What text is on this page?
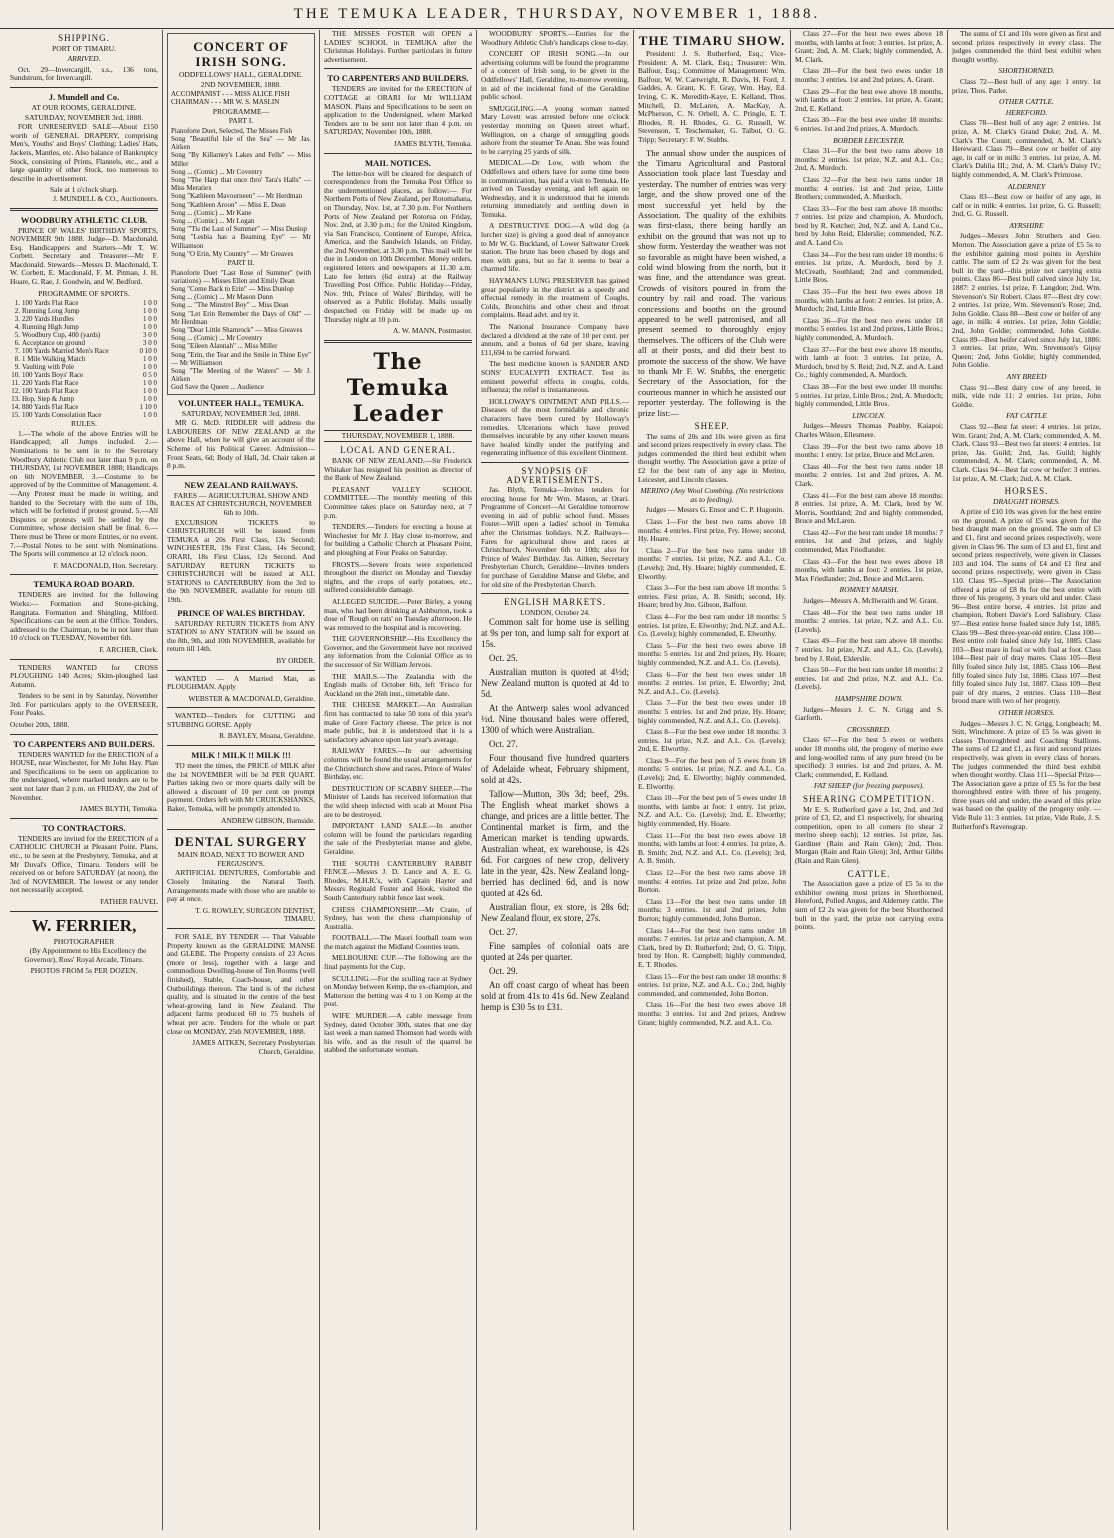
THE TEMUKA LEADER, THURSDAY, NOVEMBER 1, 1888.
SHIPPING.
PORT OF TIMARU.
ARRIVED.
Oct. 29—Invercargill, s.s., 136 tons, Sundstrum, for Invercargill.
J. Mundell and Co.
AT OUR ROOMS, GERALDINE.
SATURDAY, NOVEMBER 3rd, 1888.
FOR UNRESERVED SALE—About £150 worth of GENERAL DRAPERY, comprising Men's, Youths' and Boys' Clothing; Ladies' Hats, Jackets, Mantles, etc. Also balance of Bankruptcy Stock, consisting of Prints, Flannels, etc., and a large quantity of other Stock, too numerous to describe in advertisement.
Sale at 1 o'clock sharp.
J. MUNDELL & CO., Auctioneers.
WOODBURY ATHLETIC CLUB.
PRINCE OF WALES' BIRTHDAY SPORTS, NOVEMBER 9th 1888. Judge—D. Macdonald, Esq. Handicappers and Starters—Mr T. W. Corbett. Secretary and Treasurer—Mr F. Macdonald. Stewards—Messrs D. Macdonald, T. W. Corbett, E. Macdonald, F. M. Pitman, J. H. Hoare, G. Rae, J. Goodwin, and W. Bedford.
PROGRAMME OF SPORTS.
1.	100 Yards Flat Race	1 0 0
2.	Running Long Jump	1 0 0
3.	220 Yards Hurdles	1 0 0
4.	Running High Jump	1 0 0
5.	Woodbury Cup, 400 (yards)	3 0 0
6.	Acceptance on ground	3 0 0
7.	100 Yards Married Men's Race	0 10 0
8.	1 Mile Walking Match	1 0 0
9.	Vaulting with Pole	1 0 0
10.	100 Yards Boys' Race	0 5 0
11.	220 Yards Flat Race	1 0 0
12.	100 Yards Flat Race	1 0 0
13.	Hop, Step & Jump	1 0 0
14.	880 Yards Flat Race	1 10 0
15.	100 Yards Consolation Race	1 0 0
RULES.
1.—The whole of the above Entries will be Handicapped; all Jumps included. 2.—Nominations to be sent in to the Secretary Woodbury Athletic Club not later than 9 p.m. on THURSDAY, 1st NOVEMBER 1888; Handicaps on 6th NOVEMBER. 3.—Costume to be approved of by the Committee of Management. 4.—Any Protest must be made in writing, and handed to the Secretary with the sum of 10s, which will be forfeited if protest ground. 5.—All Disputes or protests will be settled by the Committee, whose decision shall be final. 6.—There must be Three or more Entries, or no event. 7.—Postal Notes to be sent with Nominations. The Sports will commence at 12 o'clock noon.
F. MACDONALD, Hon. Secretary.
TEMUKA ROAD BOARD.
TENDERS are invited for the following Works:— Formation and Stone-picking, Rangitata. Formation and Shingling, Milford. Specifications can be seen at the Office. Tenders, addressed to the Chairman, to be in not later than 10 o'clock on TUESDAY, November 6th.
F. ARCHER, Clerk.
TENDERS WANTED for CROSS PLOUGHING 140 Acres; Skim-ploughed last Autumn.
Tenders to be sent in by Saturday, November 3rd. For particulars apply to the OVERSEER, Four Peaks.
October 20th, 1888.
TO CARPENTERS AND BUILDERS.
TENDERS WANTED for the ERECTION of a HOUSE, near Winchester, for Mr John Hay. Plan and Specifications to be seen on application to the undersigned, where marked tenders are to be sent not later than 2 p.m. on FRIDAY, the 2nd of November.
JAMES BLYTH, Temuka.
TO CONTRACTORS.
TENDERS are invited for the ERECTION of a CATHOLIC CHURCH at Pleasant Point. Plans, etc., to be seen at the Presbytery, Temuka, and at Mr Duval's Office, Timaru. Tenders will be received on or before SATURDAY (at noon), the 3rd of NOVEMBER. The lowest or any tender not necessarily accepted.
FATHER FAUVEL
W. FERRIER,
PHOTOGRAPHER
(By Appointment to His Excellency the Governor), Ross' Royal Arcade, Timaru.
PHOTOS FROM 5s PER DOZEN.
CONCERT OF IRISH SONG.
ODDFELLOWS' HALL, GERALDINE.
2ND NOVEMBER, 1888.
ACCOMPANIST - - - MISS ALICE FISH
CHAIRMAN - - - MR W. S. MASLIN
PROGRAMME—
PART I.
Pianoforte Duet, Selected, The Misses Fish
Song "Beautiful Isle of the Sea" — Mr Jas. Aitken
Song "By Killarney's Lakes and Fells" — Miss Miller
Song ... (Comic) ... Mr Coventry
Song "The Harp that once thro' Tara's Halls" — Miss Meratiex
Song "Kathleen Mavourneen" — Mr Herdman
Song "Kathleen Aroon" — Miss E. Dean
Song ... (Comic) ... Mr Kane
Song ... (Comic) ... Mr Logan
Song "'Tis the Last of Summer" — Miss Dunlop
Song "Lesbia has a Beaming Eye" — Mr Williamson
Song "O Erin, My Country" — Mr Greaves
PART II.
Pianoforte Duet "Last Rose of Summer" (with variations) — Misses Ellen and Emily Dean
Song "Come Back to Erin" — Miss Dunlop
Song ... (Comic) ... Mr Mason Dunn
Song ... "The Minstrel Boy" ... Miss Dean
Song "Let Erin Remember the Days of Old" — Mr Herdman
Song "Dear Little Shamrock" — Miss Greaves
Song ... (Comic) ... Mr Coventry
Song "Eileen Alannah" ... Miss Miller
Song "Erin, the Tear and the Smile in Thine Eye" — Mr Williamson
Song "The Meeting of the Waters" — Mr J. Aitken
God Save the Queen ... Audience
VOLUNTEER HALL, TEMUKA.
SATURDAY, NOVEMBER 3rd, 1888.
MR G. McD. RIDDLER will address the LABOURERS OF NEW ZEALAND at the above Hall, when he will give an account of the Scheme of his Political Career. Admission—Front Seats, 6d; Body of Hall, 3d. Chair taken at 8 p.m.
NEW ZEALAND RAILWAYS.
FARES — AGRICULTURAL SHOW AND RACES AT CHRISTCHURCH, NOVEMBER 6th to 10th.
EXCURSION TICKETS to CHRISTCHURCH will be issued from TEMUKA at 20s First Class, 13s Second; WINCHESTER, 19s First Class, 14s Second; ORARI, 18s First Class, 12s Second. And SATURDAY RETURN TICKETS to CHRISTCHURCH will be issued at ALL STATIONS to CANTERBURY from the 3rd to the 9th NOVEMBER, available for return till 19th.
PRINCE OF WALES BIRTHDAY.
SATURDAY RETURN TICKETS from ANY STATION to ANY STATION will be issued on the 8th, 9th, and 10th NOVEMBER, available for return till 14th.
BY ORDER.
WANTED — A Married Man, as PLOUGHMAN. Apply
WEBSTER & MACDONALD, Geraldine.
WANTED—Tenders for CUTTING and STUBBING GORSE. Apply
R. BAYLEY, Moana, Geraldine.
MILK ! MILK !! MILK !!!
TO meet the times, the PRICE of MILK after the 1st NOVEMBER will be 3d PER QUART. Parties taking two or more quarts daily will be allowed a discount of 10 per cent on prompt payment. Orders left with Mr CRUICKSHANKS, Baker, Temuka, will be promptly attended to.
ANDREW GIBSON, Burnside.
DENTAL SURGERY
MAIN ROAD, NEXT TO BOWER AND FERGUSON'S.
ARTIFICIAL DENTURES, Comfortable and Closely Imitating the Natural Teeth. Arrangements made with those who are unable to pay at once.
T. G. ROWLEY, SURGEON DENTIST, TIMARU.
FOR SALE, BY TENDER — That Valuable Property known as the GERALDINE MANSE and GLEBE. The Property consists of 23 Acres (more or less), together with a large and commodious Dwelling-house of Ten Rooms (well finished), Stable, Coach-house, and other Outbuildings thereon. The land is of the richest quality, and is situated in the centre of the best wheat-growing land in New Zealand. The adjacent farms produced 60 to 75 bushels of wheat per acre. Tenders for the whole or part close on MONDAY, 25th NOVEMBER, 1888.
JAMES AITKEN, Secretary Presbyterian Church, Geraldine.
THE MISSES FOSTER will OPEN a LADIES' SCHOOL in TEMUKA after the Christmas Holidays. Further particulars in future advertisement.
TO CARPENTERS AND BUILDERS.
TENDERS are invited for the ERECTION of COTTAGE at ORARI for Mr WILLIAM MASON. Plans and Specifications to be seen on application to the Undersigned, where Marked Tenders are to be sent not later than 4 p.m. on SATURDAY, November 10th, 1888.
JAMES BLYTH, Temuka.
MAIL NOTICES.
The letter-box will be cleared for despatch of correspondence from the Temuka Post Office to the undermentioned places, as follow:— For Northern Ports of New Zealand, per Rotomahana, on Thursday, Nov. 1st, at 7.30 p.m. For Northern Ports of New Zealand per Rotorua on Friday, Nov. 2nd, at 3.30 p.m.; for the United Kingdom, via San Francisco, Continent of Europe, Africa, America, and the Sandwich Islands, on Friday, the 2nd November, at 3.30 p.m. This mail will be due in London on 10th December. Money orders, registered letters and newspapers at 11.30 a.m. Late fee letters (6d extra) at the Railway Travelling Post Office. Public Holiday—Friday, Nov. 9th, Prince of Wales' Birthday, will be observed as a Public Holiday. Mails usually despatched on Friday will be made up on Thursday night at 10 p.m.
A. W. MANN, Postmaster.
The Temuka Leader
THURSDAY, NOVEMBER 1, 1888.
LOCAL AND GENERAL.
BANK OF NEW ZEALAND.—Sir Frederick Whitaker has resigned his position as director of the Bank of New Zealand.
PLEASANT VALLEY SCHOOL COMMITTEE.—The monthly meeting of this Committee takes place on Saturday next, at 7 p.m.
TENDERS.—Tenders for erecting a house at Winchester for Mr J. Hay close to-morrow, and for building a Catholic Church at Pleasant Point, and ploughing at Four Peaks on Saturday.
FROSTS.—Severe frosts were experienced throughout the district on Monday and Tuesday nights, and the crops of early potatoes, etc., suffered considerable damage.
ALLEGED SUICIDE.—Peter Birley, a young man, who had been drinking at Ashburton, took a dose of 'Rough on rats' on Tuesday afternoon. He was removed to the hospital and is recovering.
THE GOVERNORSHIP.—His Excellency the Governor, and the Government have not received any information from the Colonial Office as to the successor of Sir William Jervois.
THE MAILS.—The Zealandia with the English mails of October 6th, left 'Frisco for Auckland on the 26th inst., timetable date.
THE CHEESE MARKET.—An Australian firm has contracted to take 50 tons of this year's make of Gore Factory cheese. The price is not made public, but it is understood that it is a satisfactory advance upon last year's average.
RAILWAY FARES.—In our advertising columns will be found the usual arrangements for the Christchurch show and races, Prince of Wales' Birthday, etc.
DESTRUCTION OF SCABBY SHEEP.—The Minister of Lands has received information that the wild sheep infected with scab at Mount Pisa are to be destroyed.
IMPORTANT LAND SALE.—In another column will be found the particulars regarding the sale of the Presbyterian manse and glebe, Geraldine.
THE SOUTH CANTERBURY RABBIT FENCE.—Messrs J. D. Lance and A. E. G. Rhodes, M.H.R.'s, with Captain Hayter and Messrs Reginald Foster and Hook, visited the South Canterbury rabbit fence last week.
CHESS CHAMPIONSHIP.—Mr Crane, of Sydney, has won the chess championship of Australia.
FOOTBALL.—The Maori football team won the match against the Midland Counties team.
MELBOURNE CUP.—The following are the final payments for the Cup.
SCULLING.—For the sculling race at Sydney on Monday between Kemp, the ex-champion, and Matterson the betting was 4 to 1 on Kemp at the post.
WIFE MURDER.—A cable message from Sydney, dated October 30th, states that one day last week a man named Thomson had words with his wife, and as the result of the quarrel he stabbed the unfortunate woman.
WOODBURY SPORTS.—Entries for the Woodbury Athletic Club's handicaps close to-day.
CONCERT OF IRISH SONG.—In our advertising columns will be found the programme of a concert of Irish song, to be given in the Oddfellows' Hall, Geraldine, to-morrow evening, in aid of the incidental fund of the Geraldine public school.
SMUGGLING.—A young woman named Mary Lovett was arrested before one o'clock yesterday morning on Queen street wharf, Wellington, on a charge of smuggling goods ashore from the steamer Te Anau. She was found to be carrying 25 yards of silk.
MEDICAL.—Dr Low, with whom the Oddfellows and others have for some time been in communication, has paid a visit to Temuka. He arrived on Tuesday evening, and left again on Wednesday, and it is understood that he intends returning immediately and settling down in Temuka.
A DESTRUCTIVE DOG.—A wild dog (a lurcher size) is giving a good deal of annoyance to Mr W. G. Buckland, of Lower Saltwater Creek station. The brute has been chased by dogs and men with guns, but so far it seems to bear a charmed life.
HAYMAN'S LUNG PRESERVER has gained great popularity in the district as a speedy and effectual remedy in the treatment of Coughs, Colds, Bronchitis and other chest and throat complaints. Read advt. and try it.
The National Insurance Company have declared a dividend at the rate of 10 per cent. per annum, and a bonus of 6d per share, leaving £11,694 to be carried forward.
The best medicine known is SANDER AND SONS' EUCALYPTI EXTRACT. Test its eminent powerful effects in coughs, colds, influenza; the relief is instantaneous.
HOLLOWAY'S OINTMENT AND PILLS.—Diseases of the most formidable and chronic characters have been cured by Holloway's remedies. Ulcerations which have proved themselves incurable by any other known means have healed kindly under the purifying and regenerating influence of this excellent Ointment.
SYNOPSIS OF ADVERTISEMENTS.
Jas. Blyth, Temuka—Invites tenders for erecting house for Mr Wm. Mason, at Orari. Programme of Concert—At Geraldine tomorrow evening in aid of public school fund. Misses Foster—Will open a ladies' school in Temuka after the Christmas holidays. N.Z. Railways—Fares for agricultural show and races at Christchurch, November 6th to 10th; also for Prince of Wales' Birthday. Jas. Aitken, Secretary Presbyterian Church, Geraldine—Invites tenders for purchase of Geraldine Manse and Glebe, and for old site of the Presbyterian Church.
ENGLISH MARKETS.
LONDON, October 24.
Common salt for home use is selling at 9s per ton, and lump salt for export at 15s.
Oct. 25.
Australian mutton is quoted at 4½d; New Zealand mutton is quoted at 4d to 5d.
At the Antwerp sales wool advanced ½d. Nine thousand bales were offered, 1300 of which were Australian.
Oct. 27.
Four thousand five hundred quarters of Adelaide wheat, February shipment, sold at 42s.
Tallow—Mutton, 30s 3d; beef, 29s. The English wheat market shows a change, and prices are a little better. The Continental market is firm, and the American market is tending upwards. Australian wheat, ex warehouse, is 42s 6d. For cargoes of new crop, delivery late in the year, 42s. New Zealand long-berried has declined 6d, and is now quoted at 42s 6d.
Australian flour, ex store, is 28s 6d; New Zealand flour, ex store, 27s.
Oct. 27.
Fine samples of colonial oats are quoted at 24s per quarter.
Oct. 29.
An off coast cargo of wheat has been sold at from 41s to 41s 6d. New Zealand hemp is £30 5s to £31.
THE TIMARU SHOW.
President: J. S. Rutherford, Esq.; Vice-President: A. M. Clark, Esq.; Treasurer: Wm. Balfour, Esq.; Committee of Management: Wm. Balfour, W. W. Cartwright, R. Davis, H. Ford, J. Gaddes, A. Grant, K. F. Gray, Wm. Hay, Ed. Irving, C. K. Meredith-Kaye, E. Kelland, Thos. Mitchell, D. McLaren, A. MacKay, A. McPherson, C. N. Orbell, A. C. Pringle, E. T. Rhodes, R. H. Rhodes, G. G. Russell, W. Stevenson, T. Teschemaker, G. Talbot, O. G. Tripp; Secretary: F. W. Stubbs.
The annual show under the auspices of the Timaru Agricultural and Pastoral Association took place last Tuesday and yesterday. The number of entries was very large, and the show proved one of the most successful yet held by the Association. The quality of the exhibits was first-class, there being hardly an exhibit on the ground that was not up to show form. Yesterday the weather was not so favorable as might have been wished, a cold wind blowing from the north, but it was fine, and the attendance was great. Crowds of visitors poured in from the country by rail and road. The various concessions and booths on the ground appeared to be well patronised, and all present seemed to thoroughly enjoy themselves. The officers of the Club were all at their posts, and did their best to promote the success of the show. We have to thank Mr F. W. Stubbs, the energetic Secretary of the Association, for the courteous manner in which he assisted our reporter yesterday. The following is the prize list:—
SHEEP.
The sums of 20s and 10s were given as first and second prizes respectively in every class. The judges commended the third best exhibit when thought worthy. The Association gave a prize of £2 for the best ram of any age in Merino, Leicester, and Lincoln classes.
MERINO (Any Wool Combing. (No restrictions as to feeding).
Judges — Messrs G. Ensor and C. P. Hugonin.
Class 1—For the best two rams above 18 months: 4 entries. First prize, Fry. Howe; second, Hy. Hoare.
Class 2—For the best two rams under 18 months: 7 entries. 1st prize, N.Z. and A.L. Co. (Levels); 2nd, Hy. Hoare; highly commended, E. Elworthy.
Class 3—For the best ram above 18 months: 5 entries. First prize, A. B. Smith; second, Hy. Hoare; bred by Jno. Gibson, Balfour.
Class 4—For the best ram under 18 months: 5 entries. 1st prize, E. Elworthy; 2nd, N.Z. and A.L. Co. (Levels); highly commended, E. Elworthy.
Class 5—For the best two ewes above 18 months: 5 entries. 1st and 2nd prizes, Hy. Hoare; highly commended, N.Z. and A.L. Co. (Levels).
Class 6—For the best two ewes under 18 months: 2 entries. 1st prize, E. Elworthy; 2nd, N.Z. and A.L. Co. (Levels).
Class 7—For the best two ewes under 18 months: 5 entries. 1st and 2nd prize, Hy. Hoare; highly commended, N.Z. and A.L. Co. (Levels).
Class 8—For the best ewe under 18 months: 3 entries. 1st prize, N.Z. and A.L. Co. (Levels); 2nd, E. Elworthy.
Class 9—For the best pen of 5 ewes from 18 months: 5 entries. 1st prize, N.Z. and A.L. Co. (Levels); 2nd, E. Elworthy; highly commended, E. Elworthy.
Class 10—For the best pen of 5 ewes under 18 months, with lambs at foot: 1 entry. 1st prize, N.Z. and A.L. Co. (Levels); 2nd, E. Elworthy; highly commended, Hy. Hoare.
Class 11—For the best two ewes above 18 months, with lambs at foot: 4 entries. 1st prize, A. B. Smith; 2nd, N.Z. and A.L. Co. (Levels); 3rd, A. B. Smith.
Class 12—For the best two rams above 18 months: 4 entries. 1st prize and 2nd prize, John Borton.
Class 13—For the best two rams under 18 months: 3 entries. 1st and 2nd prizes, John Borton; highly commended, John Borton.
Class 14—For the best two rams under 18 months: 7 entries. 1st prize and champion, A. M. Clark, bred by D. Rutherford; 2nd, O. G. Tripp, bred by Hon. R. Campbell; highly commended, E. T. Rhodes.
Class 15—For the best ram under 18 months: 8 entries. 1st prize, N.Z. and A.L. Co.; 2nd, highly commended, and commended, John Borton.
Class 16—For the best two ewes above 18 months: 3 entries. 1st and 2nd prizes, Andrew Grant; highly commended, N.Z. and A.L. Co.
Class 27—For the best two ewes above 18 months, with lambs at foot: 3 entries. 1st prize, A. Grant; 2nd, A. M. Clark; highly commended, A. M. Clark.
Class 28—For the best two ewes under 18 months: 3 entries. 1st and 2nd prizes, A. Grant.
Class 29—For the best ewe above 18 months, with lambs at foot: 2 entries. 1st prize, A. Grant; 2nd, E. Kelland.
Class 30—For the best ewe under 18 months: 6 entries. 1st and 2nd prizes, A. Murdoch.
BORDER LEICESTER.
Class 31—For the best two rams above 18 months: 2 entries. 1st prize, N.Z. and A.L. Co.; 2nd, A. Murdoch.
Class 32—For the best two rams under 18 months: 4 entries. 1st and 2nd prize, Little Brothers; commended, A. Murdoch.
Class 33—For the best ram above 18 months: 7 entries. 1st prize and champion, A. Murdoch, bred by R. Ketcher; 2nd, N.Z. and A. Land Co., bred by John Reid, Elderslie; commended, N.Z. and A. Land Co.
Class 34—For the best ram under 18 months: 6 entries. 1st prize, A. Murdoch, bred by J. McCreath, Southland; 2nd and commended, Little Bros.
Class 35—For the best two ewes above 18 months, with lambs at foot: 2 entries. 1st prize, A. Murdoch; 2nd, Little Bros.
Class 36—For the best two ewes under 18 months: 5 entries. 1st and 2nd prizes, Little Bros.; highly commended, A. Murdoch.
Class 37—For the best ewe above 18 months, with lamb at foot: 3 entries. 1st prize, A. Murdoch, bred by S. Reid; 2nd, N.Z. and A. Land Co.; highly commended, A. Murdoch.
Class 38—For the best ewe under 18 months: 5 entries. 1st prize, Little Bros.; 2nd, A. Murdoch; highly commended, Little Bros.
LINCOLN.
Judges—Messrs Thomas Peabby, Kaiapoi; Charles Wilson, Ellesmere.
Class 39—For the best two rams above 18 months: 1 entry. 1st prize, Bruce and McLaren.
Class 40—For the best two rams under 18 months: 2 entries. 1st and 2nd prizes, A. M. Clark.
Class 41—For the best ram above 18 months: 8 entries. 1st prize, A. M. Clark, bred by W. Morris, Southland; 2nd and highly commended, Bruce and McLaren.
Class 42—For the best ram under 18 months: 7 entries. 1st and 2nd prizes, and highly commended, Max Friedlander.
Class 43—For the best two ewes above 18 months, with lambs at foot: 2 entries. 1st prize, Max Friedlander; 2nd, Bruce and McLaren.
ROMNEY MARSH.
Judges—Messrs A. McIlwraith and W. Grant.
Class 48—For the best two rams under 18 months: 2 entries. 1st prize, N.Z. and A.L. Co. (Levels).
Class 49—For the best ram above 18 months: 7 entries. 1st prize, N.Z. and A.L. Co. (Levels), bred by J. Reid, Elderslie.
Class 50—For the best ram under 18 months: 2 entries. 1st and 2nd prize, N.Z. and A.L. Co. (Levels).
HAMPSHIRE DOWN.
Judges—Messrs J. C. N. Grigg and S. Garforth.
CROSSBRED.
Class 67—For the best 5 ewes or wethers under 18 months old, the progeny of merino ewe and long-woolled rams of any pure breed (to be specified): 3 entries. 1st and 2nd prizes, A. M. Clark; commended, E. Kelland.
FAT SHEEP (for freezing purposes).
SHEARING COMPETITION.
Mr E. S. Rutherford gave a 1st, 2nd, and 3rd prize of £3, £2, and £1 respectively, for shearing competition, open to all comers (to shear 2 merino sheep each); 12 entries. 1st prize, Jas. Gardiner (Rain and Rain Glen); 2nd, Thos. Morgan (Rain and Rain Glen); 3rd, Arthur Gibbs (Rain and Rain Glen).
CATTLE.
The Association gave a prize of £5 5s to the exhibitor owning most prizes in Shorthorned, Hereford, Polled Angus, and Alderney cattle. The sum of £2 2s was given for the best Shorthorned bull in the yard, the prize not carrying extra points.
The sums of £1 and 10s were given as first and second prizes respectively in every class. The judges commended the third best exhibit when thought worthy.
SHORTHORNED.
Class 72—Best bull of any age: 1 entry. 1st prize, Thos. Parke.
OTHER CATTLE.
HEREFORD.
Class 78—Best bull of any age: 2 entries. 1st prize, A. M. Clark's Grand Duke; 2nd, A. M. Clark's The Count; commended, A. M. Clark's Hereward. Class 79—Best cow or heifer of any age, in calf or in milk: 3 entries. 1st prize, A. M. Clark's Dahlia III.; 2nd, A. M. Clark's Daisy IV.; highly commended, A. M. Clark's Primrose.
ALDERNEY
Class 83—Best cow or heifer of any age, in calf or in milk: 4 entries. 1st prize, G. G. Russell; 2nd, G. G. Russell.
AYRSHIRE
Judges—Messrs John Struthers and Geo. Morton. The Association gave a prize of £5 5s to the exhibitor gaining most points in Ayrshire cattle. The sum of £2 2s was given for the best bull in the yard—this prize not carrying extra points. Class 86—Best bull calved since July 1st, 1887: 2 entries. 1st prize, F. Langdon; 2nd, Wm. Stevenson's Sir Robert. Class 87—Best dry cow: 2 entries. 1st prize, Wm. Stevenson's Rose; 2nd, John Goldie. Class 88—Best cow or heifer of any age, in milk: 4 entries. 1st prize, John Goldie; 2nd, John Goldie; commended, John Goldie. Class 89—Best heifer calved since July 1st, 1886: 3 entries. 1st prize, Wm. Stevenson's Gipsy Queen; 2nd, John Goldie; highly commended, John Goldie.
ANY BREED
Class 91—Best dairy cow of any breed, in milk, vide rule 11: 2 entries. 1st prize, John Goldie.
FAT CATTLE
Class 92—Best fat steer: 4 entries. 1st prize, Wm. Grant; 2nd, A. M. Clark; commended, A. M. Clark. Class 93—Best two fat steers: 4 entries. 1st prize, Jas. Guild; 2nd, Jas. Guild; highly commended, A. M. Clark; commended, A. M. Clark. Class 94—Best fat cow or heifer: 3 entries. 1st prize, A. M. Clark; 2nd, A. M. Clark.
HORSES.
DRAUGHT HORSES.
A prize of £10 10s was given for the best entire on the ground. A prize of £5 was given for the best draught mare on the ground. The sum of £3 and £1, first and second prizes respectively, were given in Class 96. The sum of £3 and £1, first and second prizes respectively, were given in Classes 103 and 104. The sums of £4 and £1 first and second prizes respectively, were given in Class 110. Class 95—Special prize—The Association offered a prize of £8 8s for the best entire with three of his progeny, 3 years old and under. Class 96—Best entire horse, 4 entries. 1st prize and champion, Robert Davie's Lord Salisbury. Class 97—Best entire horse foaled since July 1st, 1885. Class 99—Best three-year-old entire. Class 100—Best entire colt foaled since July 1st, 1885. Class 103—Best mare in foal or with foal at foot. Class 104—Best pair of dray mares. Class 105—Best filly foaled since July 1st, 1885. Class 106—Best filly foaled since July 1st, 1886. Class 107—Best filly foaled since July 1st, 1887. Class 109—Best pair of dry mares, 2 entries. Class 110—Best brood mare with two of her progeny.
OTHER HORSES.
Judges—Messrs J. C. N. Grigg, Longbeach; M. Stitt, Winchmore. A prize of £5 5s was given in classes Thoroughbred and Coaching Stallions. The sums of £2 and £1, as first and second prizes respectively, was given in every class of horses. The judges commended the third best exhibit when thought worthy. Class 111—Special Prize—The Association gave a prize of £5 5s for the best thoroughbred entire with three of his progeny, three years old and under, the award of this prize was based on the quality of the progeny only. — Vide Rule 11: 3 entries. 1st prize, Vide Rule, J. S. Rutherford's Ravensgrap.
